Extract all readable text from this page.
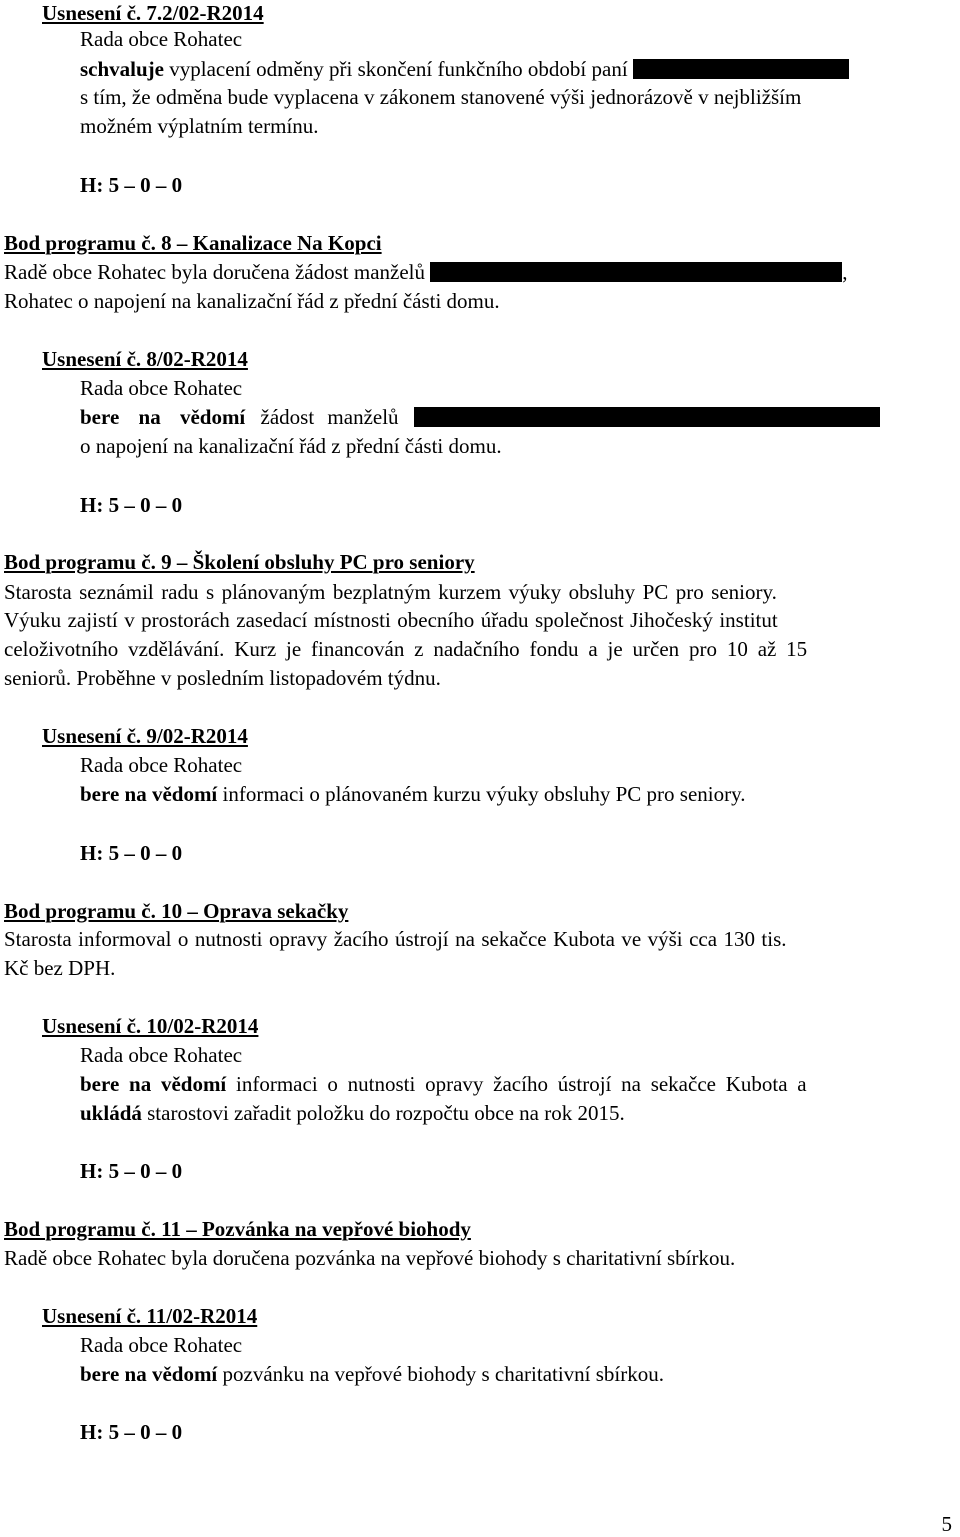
Usnesení č. 7.2/02-R2014
Rada obce Rohatec
schvaluje vyplacení odměny při skončení funkčního období paní
s tím, že odměna bude vyplacena v zákonem stanovené výši jednorázově v nejbližším
možném výplatním termínu.
H: 5 – 0 – 0
Bod programu č. 8 – Kanalizace Na Kopci
Radě obce Rohatec byla doručena žádost manželů	,
Rohatec o napojení na kanalizační řád z přední části domu.
Usnesení č. 8/02-R2014
Rada obce Rohatec
bere na vědomí žádost manželů
o napojení na kanalizační řád z přední části domu.
H: 5 – 0 – 0
Bod programu č. 9 – Školení obsluhy PC pro seniory
Starosta seznámil radu s plánovaným bezplatným kurzem výuky obsluhy PC pro seniory.
Výuku zajistí v prostorách zasedací místnosti obecního úřadu společnost Jihočeský institut
celoživotního vzdělávání. Kurz je financován z nadačního fondu a je určen pro 10 až 15
seniorů. Proběhne v posledním listopadovém týdnu.
Usnesení č. 9/02-R2014
Rada obce Rohatec
bere na vědomí informaci o plánovaném kurzu výuky obsluhy PC pro seniory.
H: 5 – 0 – 0
Bod programu č. 10 – Oprava sekačky
Starosta informoval o nutnosti opravy žacího ústrojí na sekačce Kubota ve výši cca 130 tis.
Kč bez DPH.
Usnesení č. 10/02-R2014
Rada obce Rohatec
bere na vědomí informaci o nutnosti opravy žacího ústrojí na sekačce Kubota a
ukládá starostovi zařadit položku do rozpočtu obce na rok 2015.
H: 5 – 0 – 0
Bod programu č. 11 – Pozvánka na vepřové biohody
Radě obce Rohatec byla doručena pozvánka na vepřové biohody s charitativní sbírkou.
Usnesení č. 11/02-R2014
Rada obce Rohatec
bere na vědomí pozvánku na vepřové biohody s charitativní sbírkou.
H: 5 – 0 – 0
5
